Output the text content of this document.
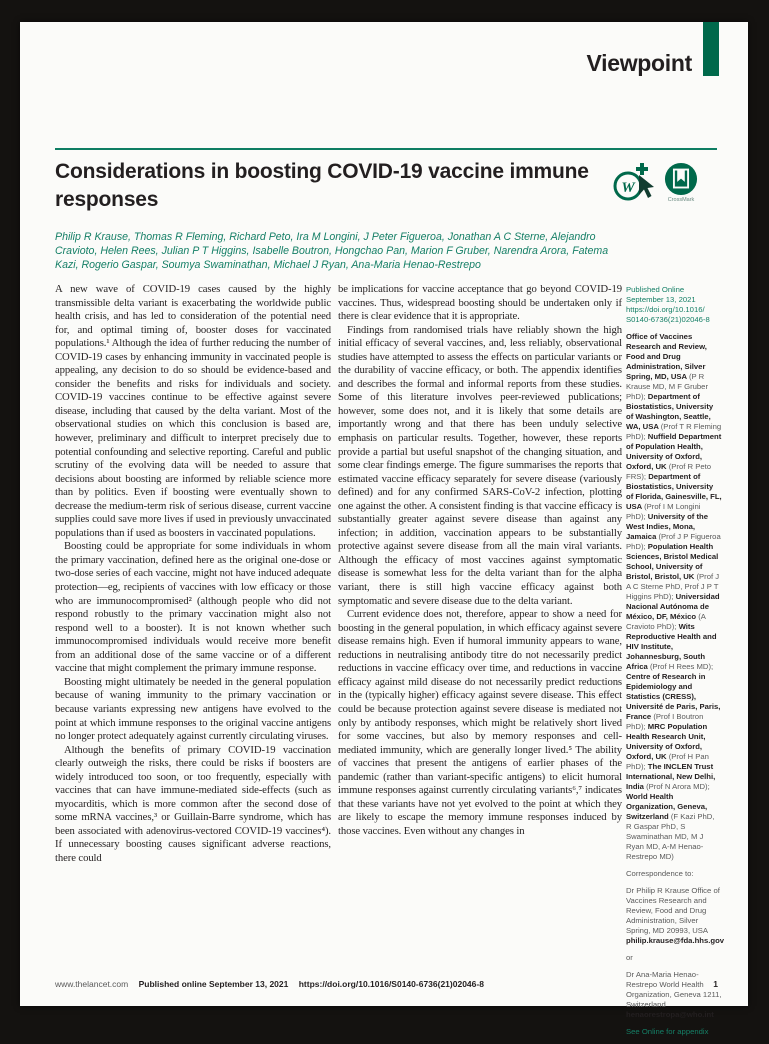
Viewpoint
Considerations in boosting COVID-19 vaccine immune responses	W
CrossMark

Philip R Krause, Thomas R Fleming, Richard Peto, Ira M Longini, J Peter Figueroa, Jonathan A C Sterne, Alejandro Cravioto, Helen Rees, Julian P T Higgins, Isabelle Boutron, Hongchao Pan, Marion F Gruber, Narendra Arora, Fatema Kazi, Rogerio Gaspar, Soumya Swaminathan, Michael J Ryan, Ana-Maria Henao-Restrepo

A new wave of COVID-19 cases caused by the highly transmissible delta variant is exacerbating the worldwide public health crisis, and has led to consideration of the potential need for, and optimal timing of, booster doses for vaccinated populations.¹ Although the idea of further reducing the number of COVID-19 cases by enhancing immunity in vaccinated people is appealing, any decision to do so should be evidence-based and consider the benefits and risks for individuals and society. COVID-19 vaccines continue to be effective against severe disease, including that caused by the delta variant. Most of the observational studies on which this conclusion is based are, however, preliminary and difficult to interpret precisely due to potential confounding and selective reporting. Careful and public scrutiny of the evolving data will be needed to assure that decisions about boosting are informed by reliable science more than by politics. Even if boosting were eventually shown to decrease the medium-term risk of serious disease, current vaccine supplies could save more lives if used in previously unvaccinated populations than if used as boosters in vaccinated populations.

Boosting could be appropriate for some individuals in whom the primary vaccination, defined here as the original one-dose or two-dose series of each vaccine, might not have induced adequate protection—eg, recipients of vaccines with low efficacy or those who are immunocompromised² (although people who did not respond robustly to the primary vaccination might also not respond well to a booster). It is not known whether such immunocompromised individuals would receive more benefit from an additional dose of the same vaccine or of a different vaccine that might complement the primary immune response.

Boosting might ultimately be needed in the general population because of waning immunity to the primary vaccination or because variants expressing new antigens have evolved to the point at which immune responses to the original vaccine antigens no longer protect adequately against currently circulating viruses.

Although the benefits of primary COVID-19 vaccination clearly outweigh the risks, there could be risks if boosters are widely introduced too soon, or too frequently, especially with vaccines that can have immune-mediated side-effects (such as myocarditis, which is more common after the second dose of some mRNA vaccines,³ or Guillain-Barre syndrome, which has been associated with adenovirus-vectored COVID-19 vaccines⁴). If unnecessary boosting causes significant adverse reactions, there could

be implications for vaccine acceptance that go beyond COVID-19 vaccines. Thus, widespread boosting should be undertaken only if there is clear evidence that it is appropriate.

Findings from randomised trials have reliably shown the high initial efficacy of several vaccines, and, less reliably, observational studies have attempted to assess the effects on particular variants or the durability of vaccine efficacy, or both. The appendix identifies and describes the formal and informal reports from these studies. Some of this literature involves peer-reviewed publications; however, some does not, and it is likely that some details are importantly wrong and that there has been unduly selective emphasis on particular results. Together, however, these reports provide a partial but useful snapshot of the changing situation, and some clear findings emerge. The figure summarises the reports that estimated vaccine efficacy separately for severe disease (variously defined) and for any confirmed SARS-CoV-2 infection, plotting one against the other. A consistent finding is that vaccine efficacy is substantially greater against severe disease than against any infection; in addition, vaccination appears to be substantially protective against severe disease from all the main viral variants. Although the efficacy of most vaccines against symptomatic disease is somewhat less for the delta variant than for the alpha variant, there is still high vaccine efficacy against both symptomatic and severe disease due to the delta variant.

Current evidence does not, therefore, appear to show a need for boosting in the general population, in which efficacy against severe disease remains high. Even if humoral immunity appears to wane, reductions in neutralising antibody titre do not necessarily predict reductions in vaccine efficacy over time, and reductions in vaccine efficacy against mild disease do not necessarily predict reductions in the (typically higher) efficacy against severe disease. This effect could be because protection against severe disease is mediated not only by antibody responses, which might be relatively short lived for some vaccines, but also by memory responses and cell-mediated immunity, which are generally longer lived.⁵ The ability of vaccines that present the antigens of earlier phases of the pandemic (rather than variant-specific antigens) to elicit humoral immune responses against currently circulating variants⁶,⁷ indicates that these variants have not yet evolved to the point at which they are likely to escape the memory immune responses induced by those vaccines. Even without any changes in

Published Online September 13, 2021 https://doi.org/10.1016/ S0140-6736(21)02046-8
Office of Vaccines Research and Review, Food and Drug Administration, Silver Spring, MD, USA (P R Krause MD, M F Gruber PhD); Department of Biostatistics, University of Washington, Seattle, WA, USA (Prof T R Fleming PhD); Nuffield Department of Population Health, University of Oxford, Oxford, UK (Prof R Peto FRS); Department of Biostatistics, University of Florida, Gainesville, FL, USA (Prof I M Longini PhD); University of the West Indies, Mona, Jamaica (Prof J P Figueroa PhD); Population Health Sciences, Bristol Medical School, University of Bristol, Bristol, UK (Prof J A C Sterne PhD, Prof J P T Higgins PhD); Universidad Nacional Autónoma de México, DF, México (A Cravioto PhD); Wits Reproductive Health and HIV Institute, Johannesburg, South Africa (Prof H Rees MD); Centre of Research in Epidemiology and Statistics (CRESS), Université de Paris, Paris, France (Prof I Boutron PhD); MRC Population Health Research Unit, University of Oxford, Oxford, UK (Prof H Pan PhD); The INCLEN Trust International, New Delhi, India (Prof N Arora MD); World Health Organization, Geneva, Switzerland (F Kazi PhD, R Gaspar PhD, S Swaminathan MD, M J Ryan MD, A-M Henao-Restrepo MD)
Correspondence to:
Dr Philip R Krause Office of Vaccines Research and Review, Food and Drug Administration, Silver Spring, MD 20993, USA philip.krause@fda.hhs.gov
or
Dr Ana-Maria Henao-Restrepo World Health Organization, Geneva 1211, Switzerland henaorestropa@who.int
See Online for appendix
www.thelancet.com Published online September 13, 2021 https://doi.org/10.1016/S0140-6736(21)02046-8	1
